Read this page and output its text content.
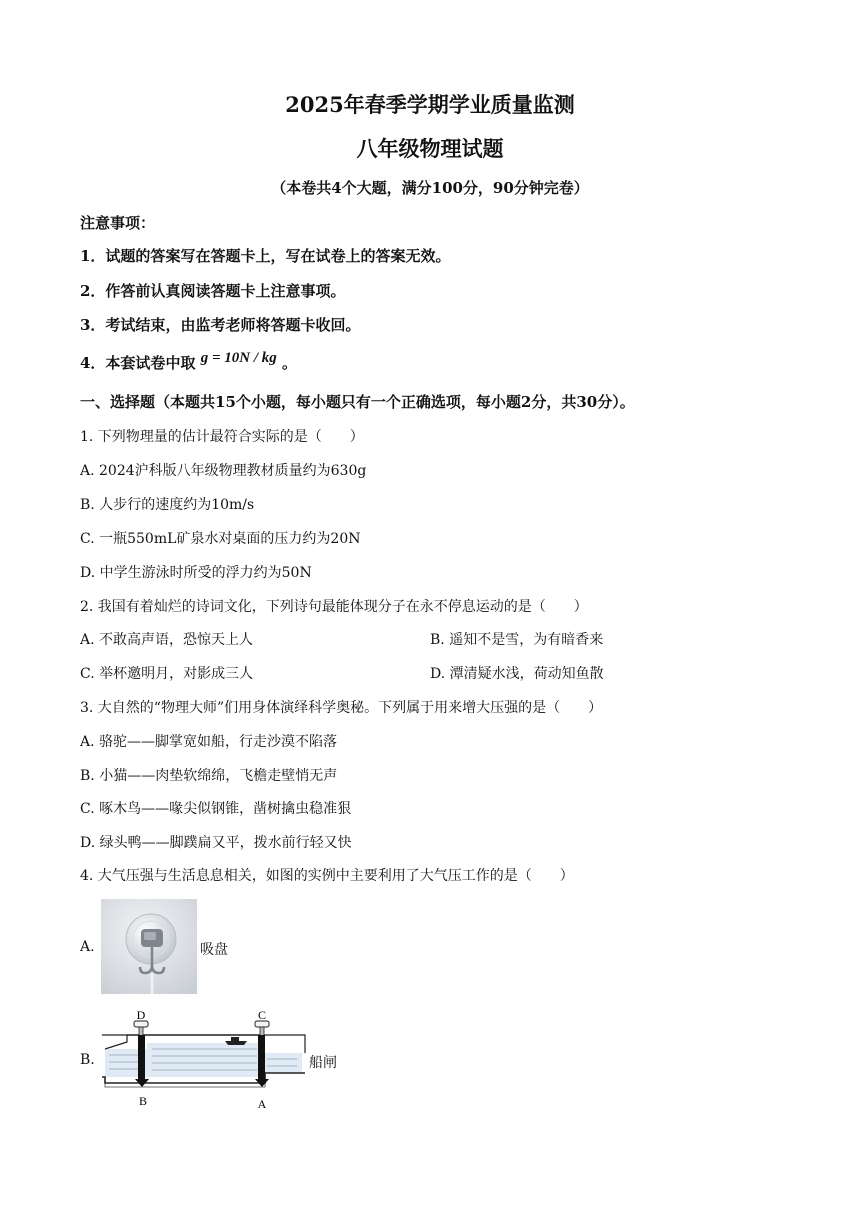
2025年春季学期学业质量监测
八年级物理试题
（本卷共4个大题，满分100分，90分钟完卷）
注意事项：
1．试题的答案写在答题卡上，写在试卷上的答案无效。
2．作答前认真阅读答题卡上注意事项。
3．考试结束，由监考老师将答题卡收回。
4．本套试卷中取 g = 10N / kg 。
一、选择题（本题共15个小题，每小题只有一个正确选项，每小题2分，共30分）。
1. 下列物理量的估计最符合实际的是（　　）
A. 2024沪科版八年级物理教材质量约为630g
B. 人步行的速度约为10m/s
C. 一瓶550mL矿泉水对桌面的压力约为20N
D. 中学生游泳时所受的浮力约为50N
2. 我国有着灿烂的诗词文化，下列诗句最能体现分子在永不停息运动的是（　　）
A. 不敢高声语，恐惊天上人	B. 遥知不是雪，为有暗香来
C. 举杯邀明月，对影成三人	D. 潭清疑水浅，荷动知鱼散
3. 大自然的“物理大师”们用身体演绎科学奥秘。下列属于用来增大压强的是（　　）
A. 骆驼——脚掌宽如船，行走沙漠不陷落
B. 小猫——肉垫软绵绵，飞檐走壁悄无声
C. 啄木鸟——喙尖似钢锥，凿树擒虫稳准狠
D. 绿头鸭——脚蹼扁又平，拨水前行轻又快
4. 大气压强与生活息息相关，如图的实例中主要利用了大气压工作的是（　　）
A.	吸盘
B.
D	C
B	A
船闸
